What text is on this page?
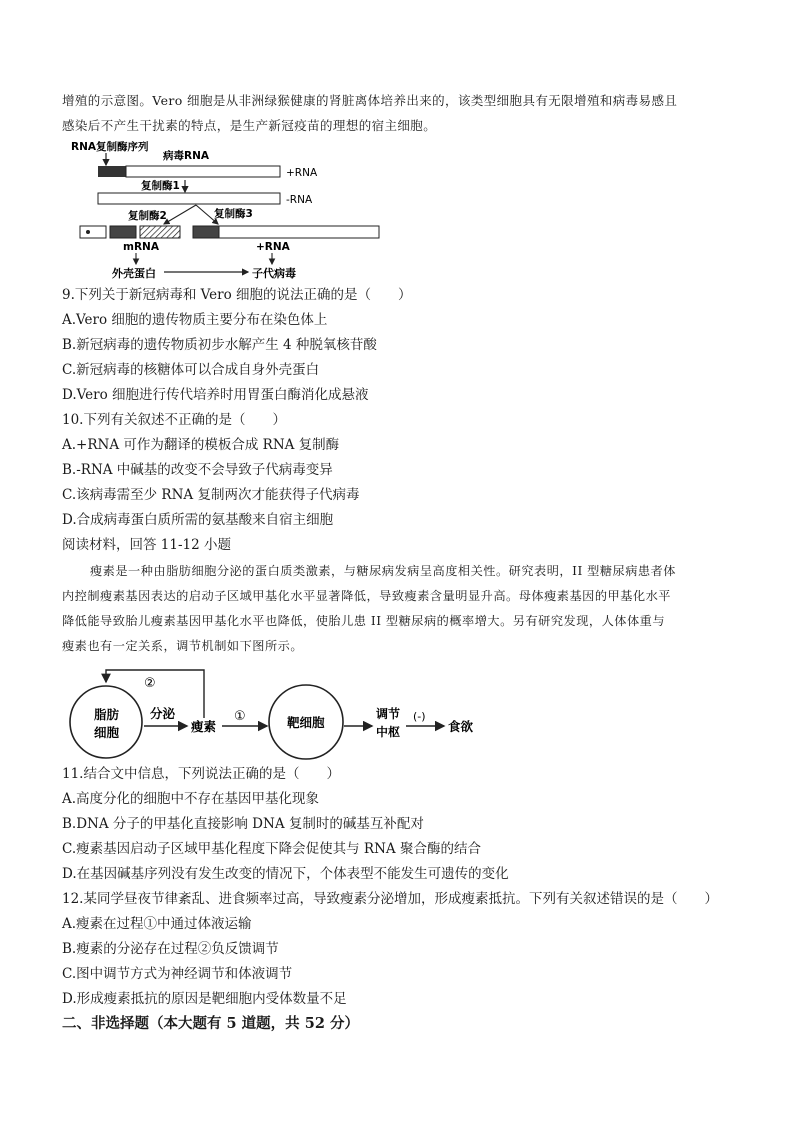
增殖的示意图。Vero 细胞是从非洲绿猴健康的肾脏离体培养出来的，该类型细胞具有无限增殖和病毒易感且
感染后不产生干扰素的特点，是生产新冠疫苗的理想的宿主细胞。
RNA复制酶序列
病毒RNA
+RNA
复制酶1
-RNA
复制酶2	复制酶3
mRNA	+RNA
外壳蛋白	子代病毒
9.下列关于新冠病毒和 Vero 细胞的说法正确的是（　　）
A.Vero 细胞的遗传物质主要分布在染色体上
B.新冠病毒的遗传物质初步水解产生 4 种脱氧核苷酸
C.新冠病毒的核糖体可以合成自身外壳蛋白
D.Vero 细胞进行传代培养时用胃蛋白酶消化成悬液
10.下列有关叙述不正确的是（　　）
A.+RNA 可作为翻译的模板合成 RNA 复制酶
B.-RNA 中碱基的改变不会导致子代病毒变异
C.该病毒需至少 RNA 复制两次才能获得子代病毒
D.合成病毒蛋白质所需的氨基酸来自宿主细胞
阅读材料，回答 11-12 小题
瘦素是一种由脂肪细胞分泌的蛋白质类激素，与糖尿病发病呈高度相关性。研究表明，II 型糖尿病患者体
内控制瘦素基因表达的启动子区域甲基化水平显著降低，导致瘦素含量明显升高。母体瘦素基因的甲基化水平
降低能导致胎儿瘦素基因甲基化水平也降低，使胎儿患 II 型糖尿病的概率增大。另有研究发现，人体体重与
瘦素也有一定关系，调节机制如下图所示。
②
脂肪
细胞
分泌
瘦素
①	靶细胞
调节
中枢
(-)
食欲
11.结合文中信息，下列说法正确的是（　　）
A.高度分化的细胞中不存在基因甲基化现象
B.DNA 分子的甲基化直接影响 DNA 复制时的碱基互补配对
C.瘦素基因启动子区域甲基化程度下降会促使其与 RNA 聚合酶的结合
D.在基因碱基序列没有发生改变的情况下，个体表型不能发生可遗传的变化
12.某同学昼夜节律紊乱、进食频率过高，导致瘦素分泌增加，形成瘦素抵抗。下列有关叙述错误的是（　　）
A.瘦素在过程①中通过体液运输
B.瘦素的分泌存在过程②负反馈调节
C.图中调节方式为神经调节和体液调节
D.形成瘦素抵抗的原因是靶细胞内受体数量不足
二、非选择题（本大题有 5 道题，共 52 分）
